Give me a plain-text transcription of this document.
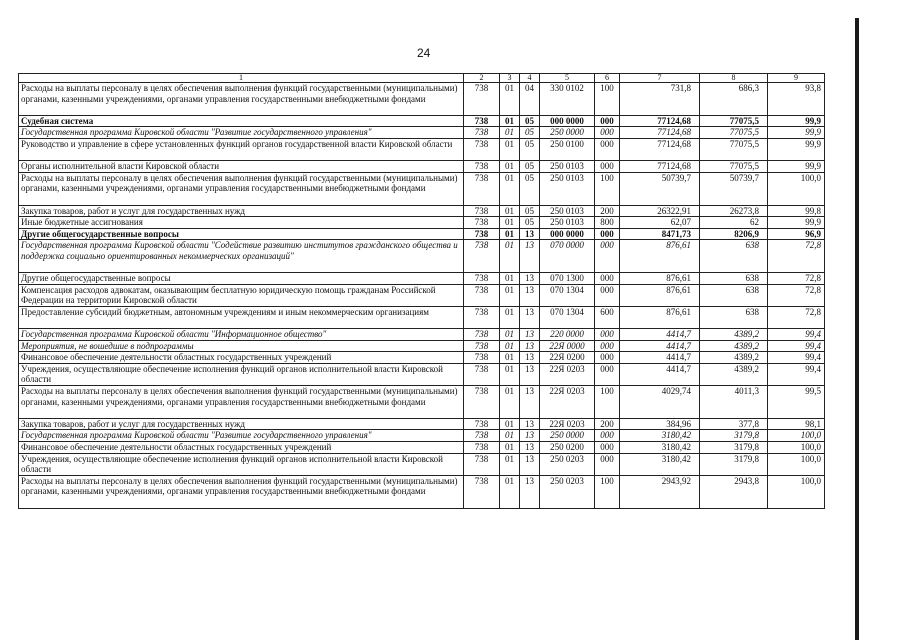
24
1	2	3	4	5	6	7	8	9
Расходы на выплаты персоналу в целях обеспечения выполнения функций государственными (муниципальными) органами, казенными учреждениями, органами управления государственными внебюджетными фондами	738	01	04	330 0102	100	731,8	686,3	93,8
Судебная система	738	01	05	000 0000	000	77124,68	77075,5	99,9
Государственная программа Кировской области "Развитие государственного управления"	738	01	05	250 0000	000	77124,68	77075,5	99,9
Руководство и управление в сфере установленных функций органов государственной власти Кировской области	738	01	05	250 0100	000	77124,68	77075,5	99,9
Органы исполнительной власти Кировской области	738	01	05	250 0103	000	77124,68	77075,5	99,9
Расходы на выплаты персоналу в целях обеспечения выполнения функций государственными (муниципальными) органами, казенными учреждениями, органами управления государственными внебюджетными фондами	738	01	05	250 0103	100	50739,7	50739,7	100,0
Закупка товаров, работ и услуг для государственных нужд	738	01	05	250 0103	200	26322,91	26273,8	99,8
Иные бюджетные ассигнования	738	01	05	250 0103	800	62,07	62	99,9
Другие общегосударственные вопросы	738	01	13	000 0000	000	8471,73	8206,9	96,9
Государственная программа Кировской области "Содействие развитию институтов гражданского общества и поддержка социально ориентированных некоммерческих организаций"	738	01	13	070 0000	000	876,61	638	72,8
Другие общегосударственные вопросы	738	01	13	070 1300	000	876,61	638	72,8
Компенсация расходов адвокатам, оказывающим бесплатную юридическую помощь гражданам Российской Федерации на территории Кировской области	738	01	13	070 1304	000	876,61	638	72,8
Предоставление субсидий бюджетным, автономным учреждениям и иным некоммерческим организациям	738	01	13	070 1304	600	876,61	638	72,8
Государственная программа Кировской области "Информационное общество"	738	01	13	220 0000	000	4414,7	4389,2	99,4
Мероприятия, не вошедшие в подпрограммы	738	01	13	22Я 0000	000	4414,7	4389,2	99,4
Финансовое обеспечение деятельности областных государственных учреждений	738	01	13	22Я 0200	000	4414,7	4389,2	99,4
Учреждения, осуществляющие обеспечение исполнения функций органов исполнительной власти Кировской области	738	01	13	22Я 0203	000	4414,7	4389,2	99,4
Расходы на выплаты персоналу в целях обеспечения выполнения функций государственными (муниципальными) органами, казенными учреждениями, органами управления государственными внебюджетными фондами	738	01	13	22Я 0203	100	4029,74	4011,3	99,5
Закупка товаров, работ и услуг для государственных нужд	738	01	13	22Я 0203	200	384,96	377,8	98,1
Государственная программа Кировской области "Развитие государственного управления"	738	01	13	250 0000	000	3180,42	3179,8	100,0
Финансовое обеспечение деятельности областных государственных учреждений	738	01	13	250 0200	000	3180,42	3179,8	100,0
Учреждения, осуществляющие обеспечение исполнения функций органов исполнительной власти Кировской области	738	01	13	250 0203	000	3180,42	3179,8	100,0
Расходы на выплаты персоналу в целях обеспечения выполнения функций государственными (муниципальными) органами, казенными учреждениями, органами управления государственными внебюджетными фондами	738	01	13	250 0203	100	2943,92	2943,8	100,0
